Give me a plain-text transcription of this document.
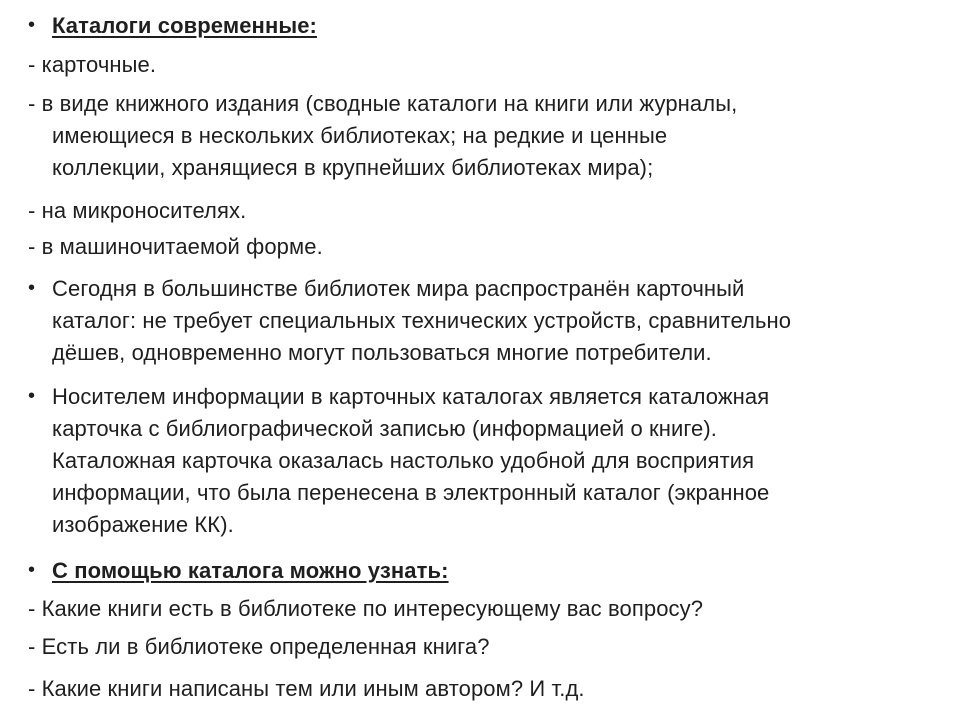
• Каталоги современные:
- карточные.
- в виде книжного издания (сводные каталоги на книги или журналы,
имеющиеся в нескольких библиотеках; на редкие и ценные
коллекции, хранящиеся в крупнейших библиотеках мира);
- на микроносителях.
- в машиночитаемой форме.
• Сегодня в большинстве библиотек мира распространён карточный
каталог: не требует специальных технических устройств, сравнительно
дёшев, одновременно могут пользоваться многие потребители.
• Носителем информации в карточных каталогах является каталожная
карточка с библиографической записью (информацией о книге).
Каталожная карточка оказалась настолько удобной для восприятия
информации, что была перенесена в электронный каталог (экранное
изображение КК).
• С помощью каталога можно узнать:
- Какие книги есть в библиотеке по интересующему вас вопросу?
- Есть ли в библиотеке определенная книга?
- Какие книги написаны тем или иным автором? И т.д.
